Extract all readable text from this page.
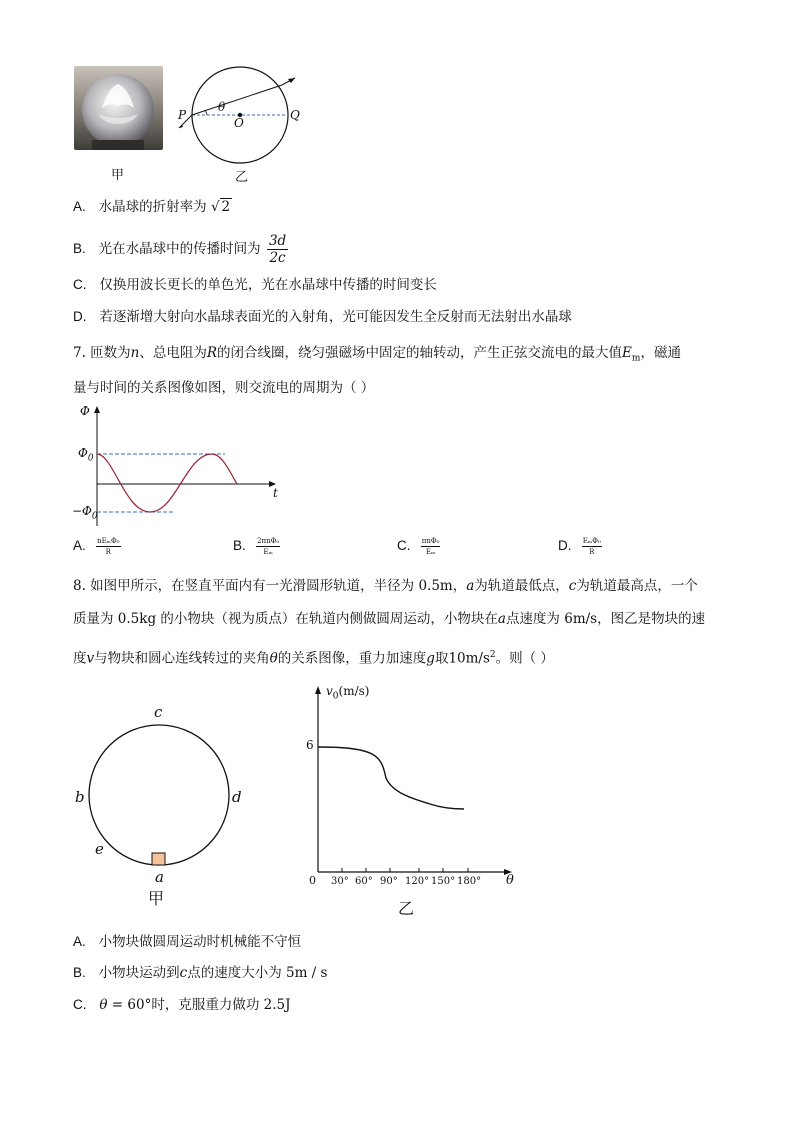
甲
P	Q
O
θ
乙
A. 水晶球的折射率为 √ 2
B. 光在水晶球中的传播时间为 $\frac{3d}{2c}$
C. 仅换用波长更长的单色光，光在水晶球中传播的时间变长
D. 若逐渐增大射向水晶球表面光的入射角，光可能因发生全反射而无法射出水晶球
7. 匝数为n、总电阻为R的闭合线圈，绕匀强磁场中固定的轴转动，产生正弦交流电的最大值$E_m$，磁通
量与时间的关系图像如图，则交流电的周期为（ ）
Φ
$\Phi_0$
$-\Phi_0$
t
A. $\frac{\text{nEₘΦ₀}}{R}$	B. $\frac{\text{2πnΦ₀}}{\text{Eₘ}}$	C. $\frac{\text{πnΦ₀}}{\text{Eₘ}}$	D. $\frac{\text{EₘΦ₀}}{R}$
8. 如图甲所示，在竖直平面内有一光滑圆形轨道，半径为 0.5m，a为轨道最低点，c为轨道最高点，一个
质量为 0.5kg 的小物块（视为质点）在轨道内侧做圆周运动，小物块在a点速度为 6m/s，图乙是物块的速
度v与物块和圆心连线转过的夹角θ的关系图像，重力加速度g取$10m/s^2$。则（ ）
c
b	d
e
a
甲
$v_0(m/s)$
6
0 30° 60° 90° 120° 150° 180° θ
乙
A. 小物块做圆周运动时机械能不守恒
B. 小物块运动到c点的速度大小为 5m / s
C. θ = 60°时，克服重力做功 2.5J
